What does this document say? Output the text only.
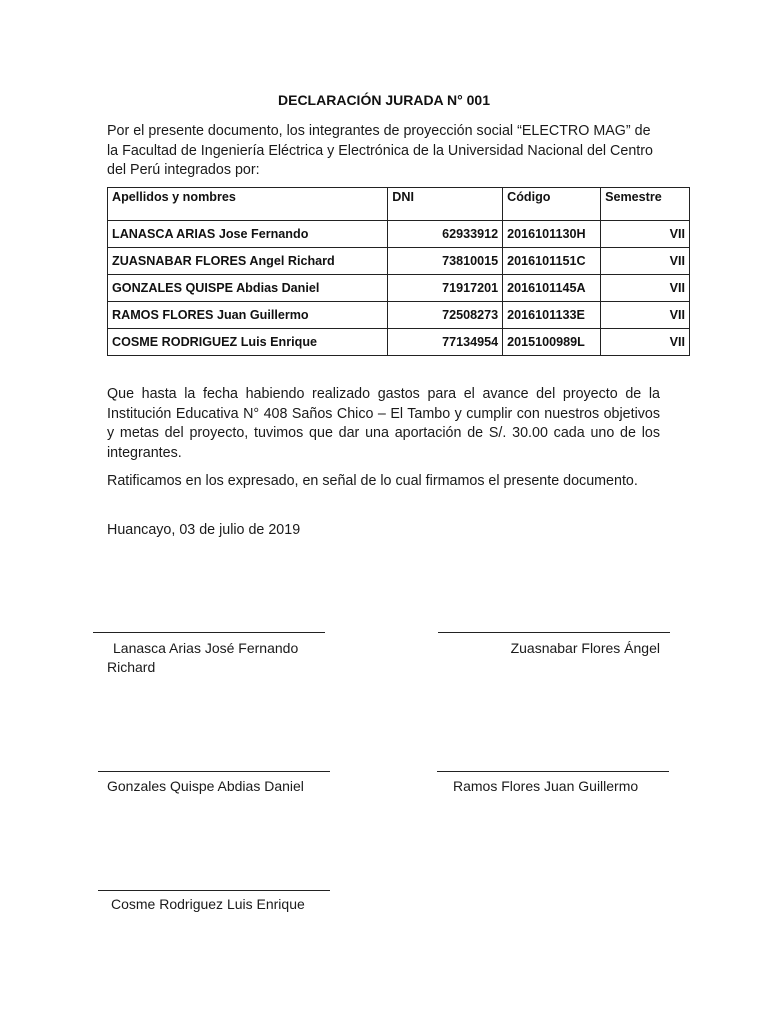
DECLARACIÓN JURADA N° 001
Por el presente documento, los integrantes de proyección social “ELECTRO MAG” de la Facultad de Ingeniería Eléctrica y Electrónica de la Universidad Nacional del Centro del Perú integrados por:
Apellidos y nombres	DNI	Código	Semestre
LANASCA ARIAS Jose Fernando	62933912	2016101130H	VII
ZUASNABAR FLORES Angel Richard	73810015	2016101151C	VII
GONZALES QUISPE Abdias Daniel	71917201	2016101145A	VII
RAMOS FLORES Juan Guillermo	72508273	2016101133E	VII
COSME RODRIGUEZ Luis Enrique	77134954	2015100989L	VII
Que hasta la fecha habiendo realizado gastos para el avance del proyecto de la Institución Educativa N° 408 Saños Chico – El Tambo y cumplir con nuestros objetivos y metas del proyecto, tuvimos que dar una aportación de S/. 30.00 cada uno de los integrantes.
Ratificamos en los expresado, en señal de lo cual firmamos el presente documento.
Huancayo, 03 de julio de 2019
Lanasca Arias José Fernando
Richard
Zuasnabar Flores Ángel
Gonzales Quispe Abdias Daniel	Ramos Flores Juan Guillermo
Cosme Rodriguez Luis Enrique
